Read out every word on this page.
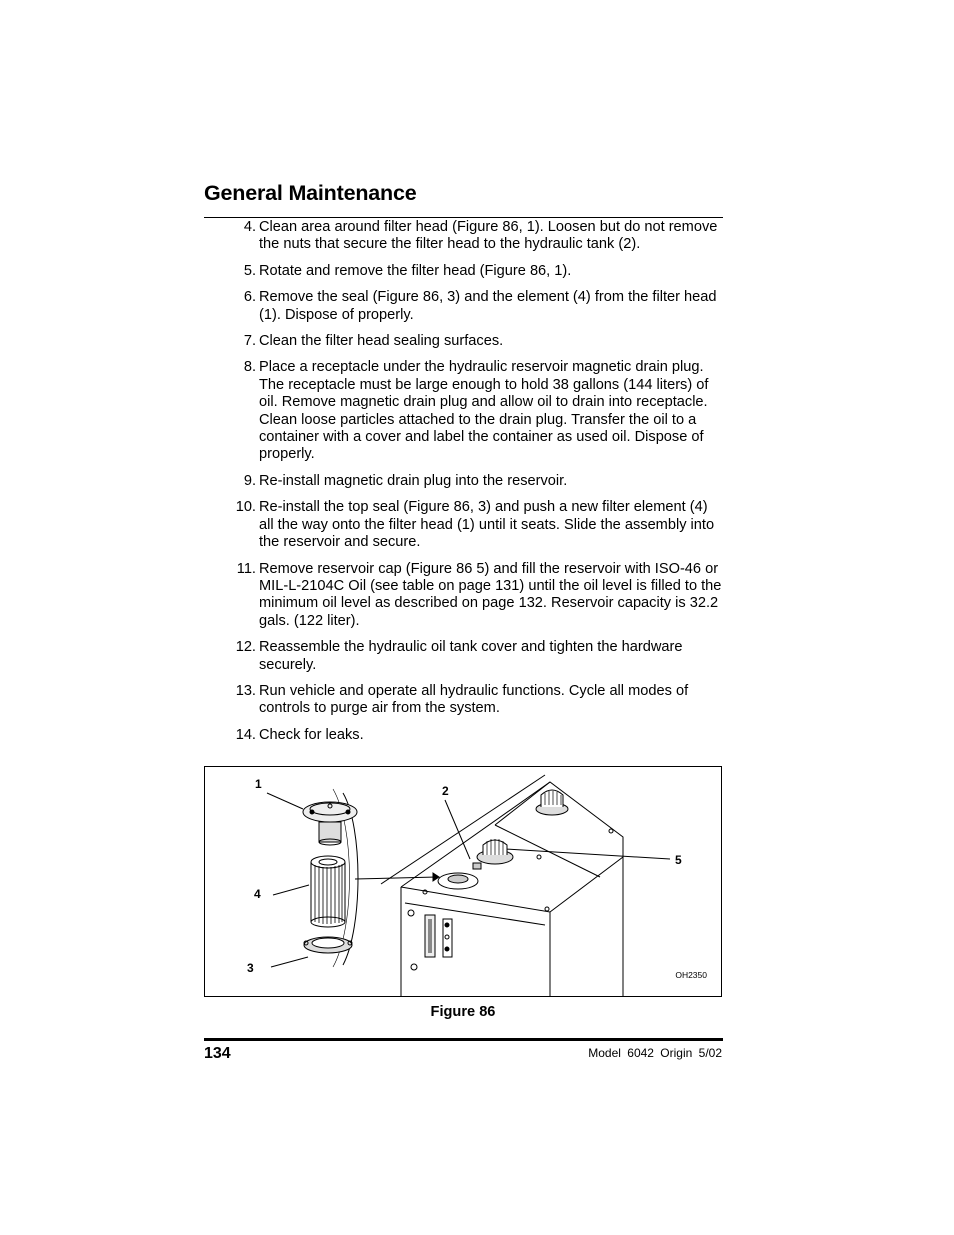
General Maintenance
4. Clean area around filter head (Figure 86, 1). Loosen but do not remove the nuts that secure the filter head to the hydraulic tank (2).
5. Rotate and remove the filter head (Figure 86, 1).
6. Remove the seal (Figure 86, 3) and the element (4) from the filter head (1). Dispose of properly.
7. Clean the filter head sealing surfaces.
8. Place a receptacle under the hydraulic reservoir magnetic drain plug. The receptacle must be large enough to hold 38 gallons (144 liters) of oil. Remove magnetic drain plug and allow oil to drain into receptacle. Clean loose particles attached to the drain plug. Transfer the oil to a container with a cover and label the container as used oil. Dispose of properly.
9. Re-install magnetic drain plug into the reservoir.
10. Re-install the top seal (Figure 86, 3) and push a new filter element (4) all the way onto the filter head (1) until it seats. Slide the assembly into the reservoir and secure.
11. Remove reservoir cap (Figure 86 5) and fill the reservoir with ISO-46 or MIL-L-2104C Oil (see table on page 131) until the oil level is filled to the minimum oil level as described on page 132. Reservoir capacity is 32.2 gals. (122 liter).
12. Reassemble the hydraulic oil tank cover and tighten the hardware securely.
13. Run vehicle and operate all hydraulic functions. Cycle all modes of controls to purge air from the system.
14. Check for leaks.
1	2
3
4
5
OH2350
Figure 86
134	Model 6042 Origin 5/02
